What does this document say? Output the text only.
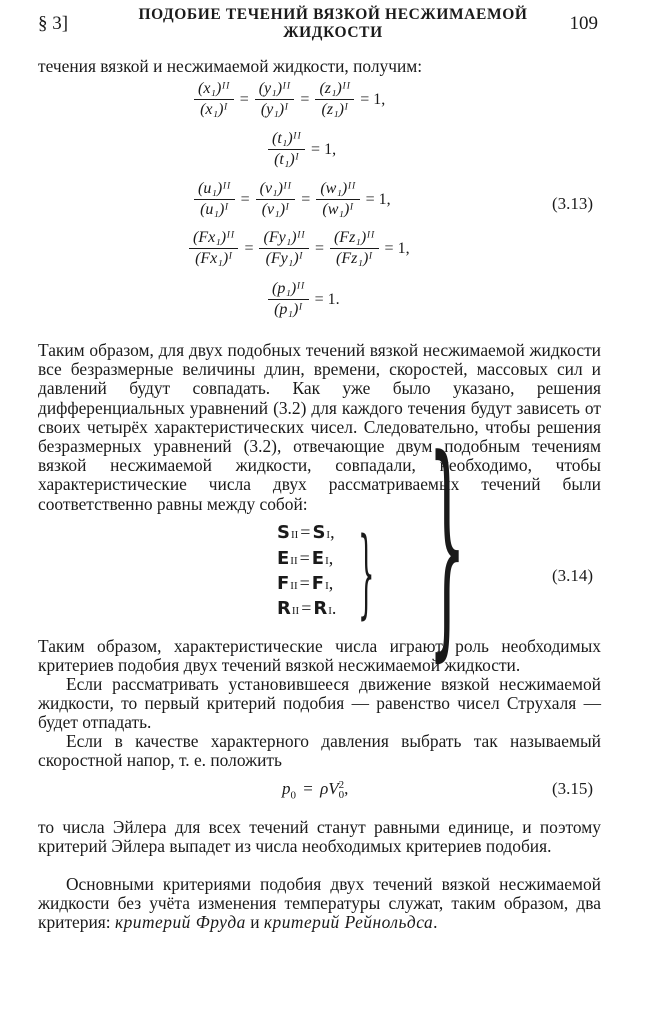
§ 3]	ПОДОБИЕ ТЕЧЕНИЙ ВЯЗКОЙ НЕСЖИМАЕМОЙ ЖИДКОСТИ	109

течения вязкой и несжимаемой жидкости, получим:

$\frac{\text{(x₁)ᴵᴵ}}{\text{(x₁)ᴵ}} = \frac{\text{(y₁)ᴵᴵ}}{\text{(y₁)ᴵ}} = \frac{\text{(z₁)ᴵᴵ}}{\text{(z₁)ᴵ}} = 1$,
$\frac{\text{(t₁)ᴵᴵ}}{\text{(t₁)ᴵ}} = 1$,
$\frac{\text{(u₁)ᴵᴵ}}{\text{(u₁)ᴵ}} = \frac{\text{(v₁)ᴵᴵ}}{\text{(v₁)ᴵ}} = \frac{\text{(w₁)ᴵᴵ}}{\text{(w₁)ᴵ}} = 1$,
$\frac{\text{(Fx₁)ᴵᴵ}}{\text{(Fx₁)ᴵ}} = \frac{\text{(Fy₁)ᴵᴵ}}{\text{(Fy₁)ᴵ}} = \frac{\text{(Fz₁)ᴵᴵ}}{\text{(Fz₁)ᴵ}} = 1$,
$\frac{\text{(p₁)ᴵᴵ}}{\text{(p₁)ᴵ}} = 1$.
}
(3.13)

Таким образом, для двух подобных течений вязкой несжимаемой жидкости все безразмерные величины длин, времени, скоростей, массовых сил и давлений будут совпадать. Как уже было указано, решения дифференциальных уравнений (3.2) для каждого течения будут зависеть от своих четырёх характеристических чисел. Следовательно, чтобы решения безразмерных уравнений (3.2), отвечающие двум подобным течениям вязкой несжимаемой жидкости, совпадали, необходимо, чтобы характеристические числа двух рассматриваемых течений были соответственно равны между собой:

S II = S I ,
E II = E I ,
F II = F I ,
R II = R I . }	(3.14)

Таким образом, характеристические числа играют роль необходимых критериев подобия двух течений вязкой несжимаемой жидкости.

Если рассматривать установившееся движение вязкой несжимаемой жидкости, то первый критерий подобия — равенство чисел Струхаля — будет отпадать.

Если в качестве характерного давления выбрать так называемый скоростной напор, т. е. положить

$p_0 = \rho V$ 2
0 ,	(3.15)

то числа Эйлера для всех течений станут равными единице, и поэтому критерий Эйлера выпадет из числа необходимых критериев подобия.

Основными критериями подобия двух течений вязкой несжимаемой жидкости без учёта изменения температуры служат, таким образом, два критерия: критерий Фруда и критерий Рейнольдса.
